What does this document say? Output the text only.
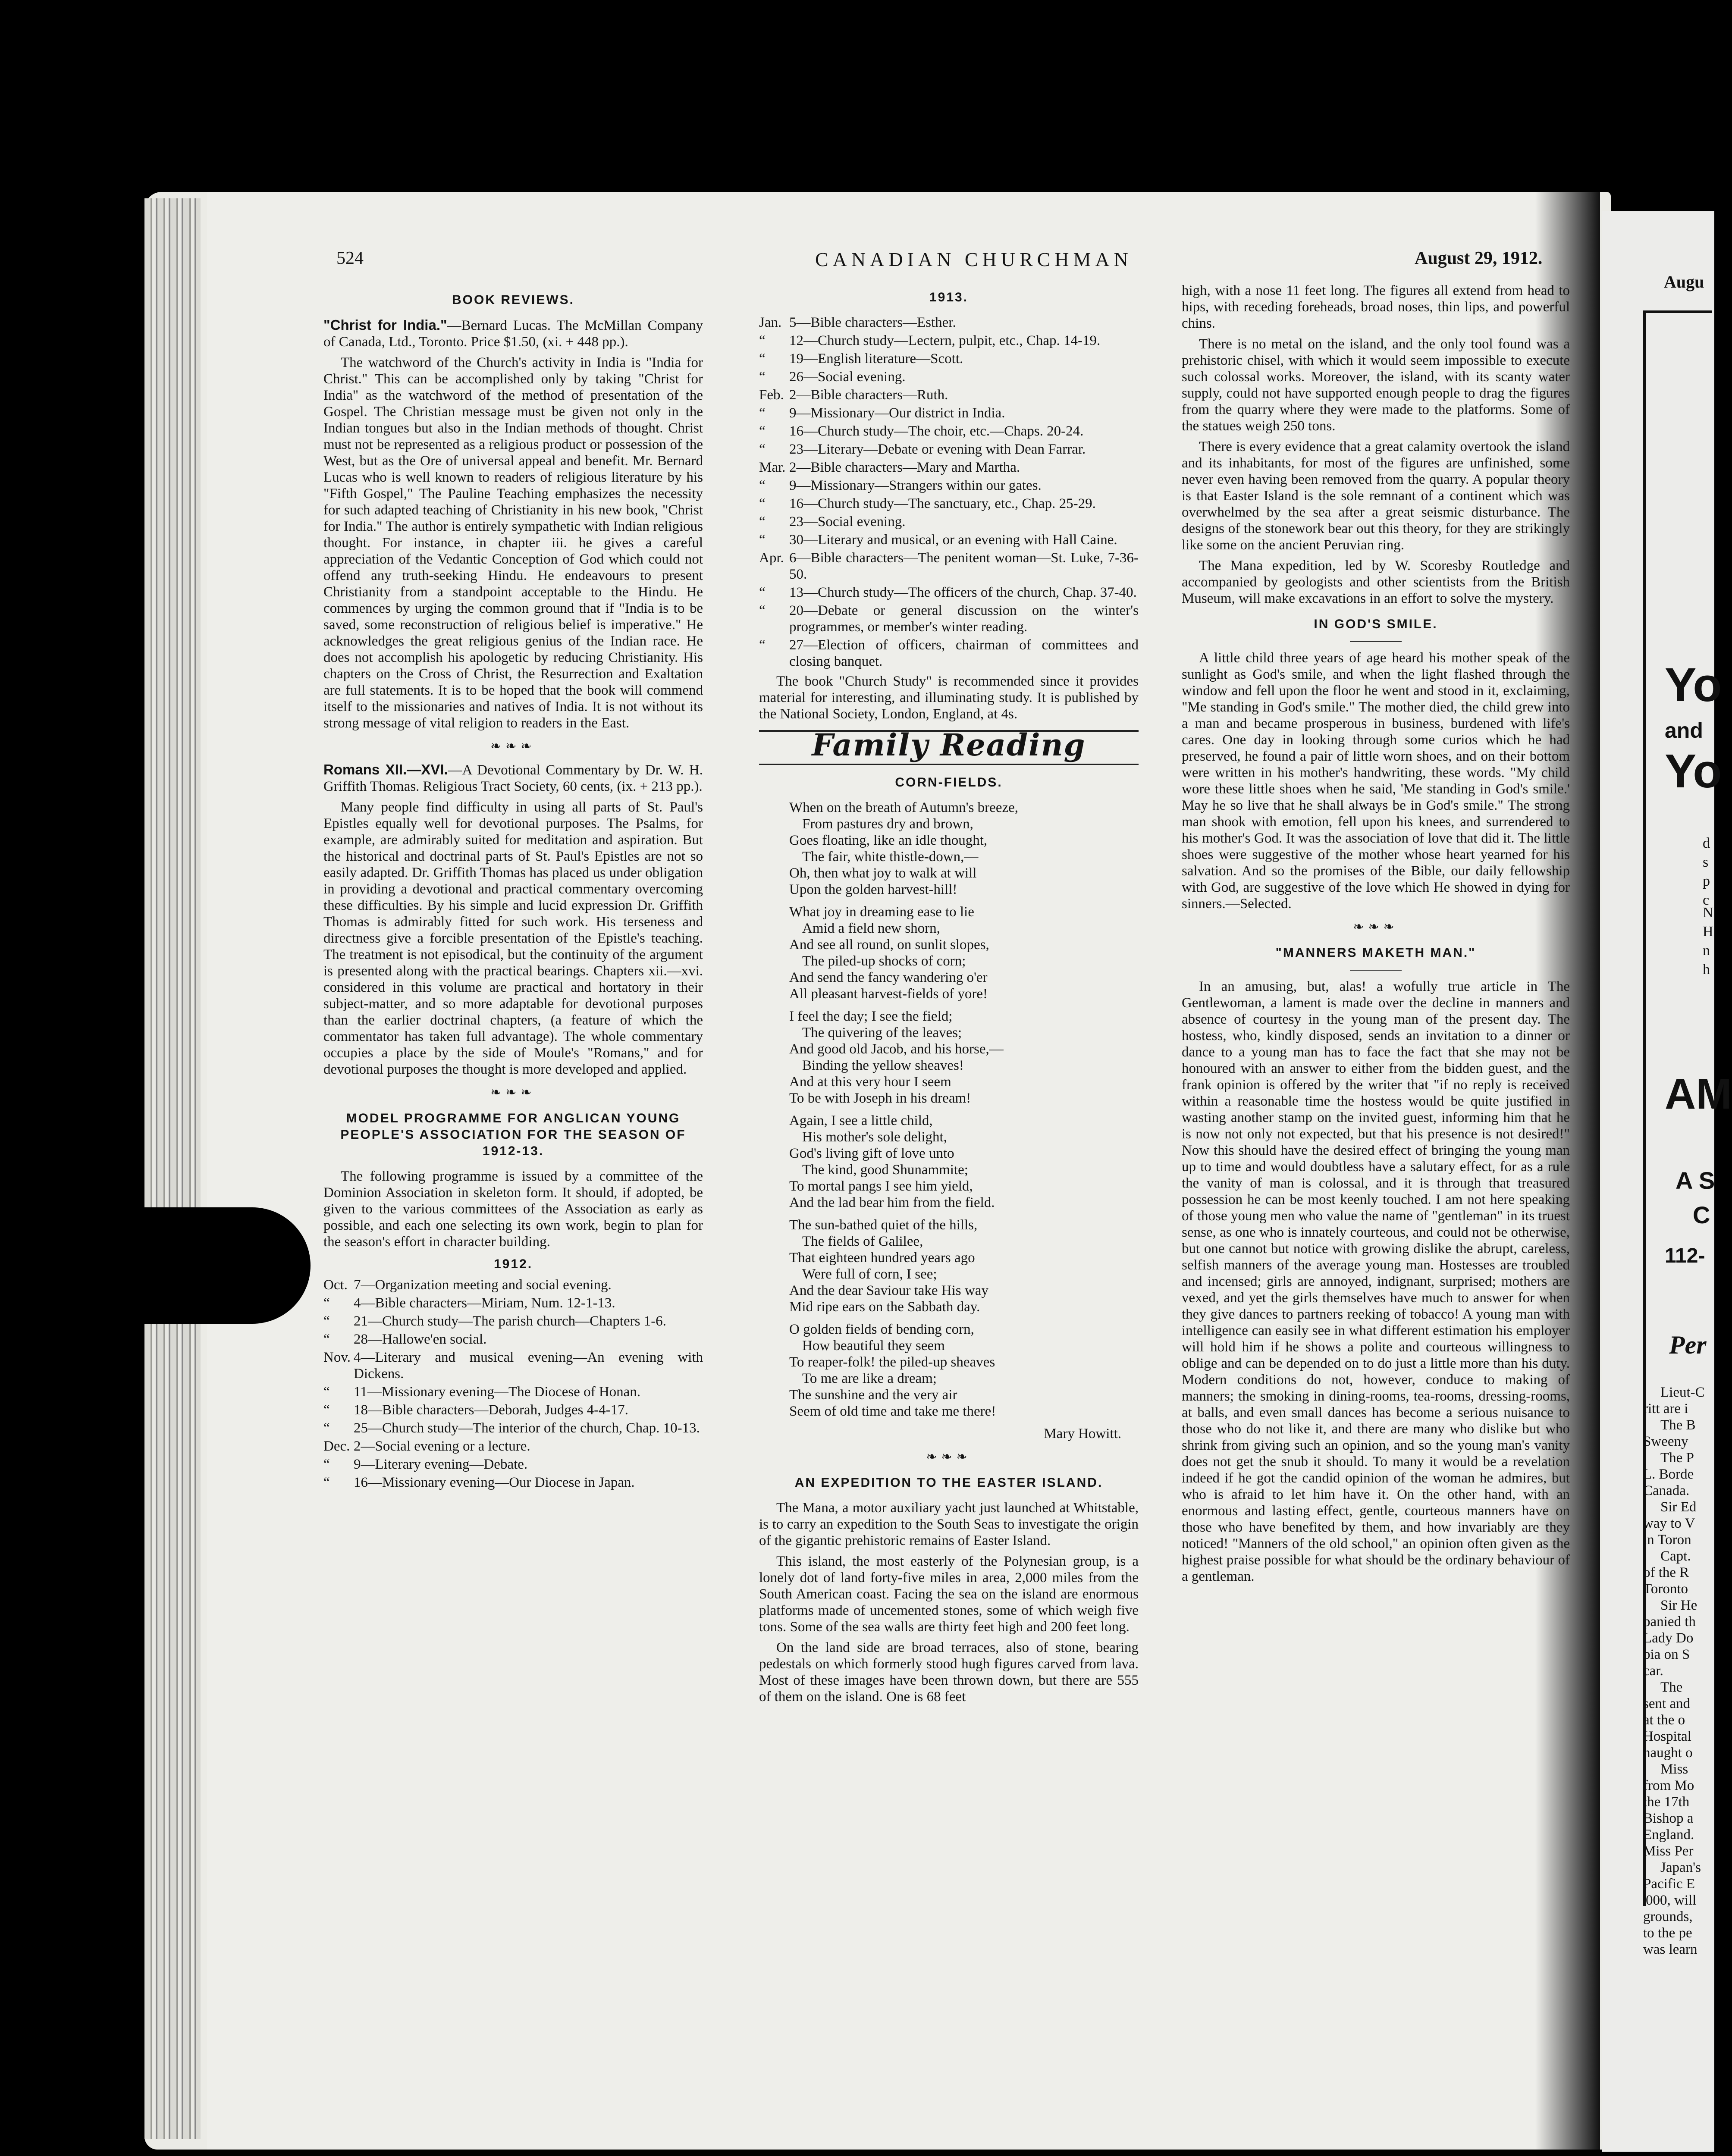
524	CANADIAN CHURCHMAN	August 29, 1912.
BOOK REVIEWS.

"Christ for India."—Bernard Lucas. The McMillan Company of Canada, Ltd., Toronto. Price $1.50, (xi. + 448 pp.).

The watchword of the Church's activity in India is "India for Christ." This can be accomplished only by taking "Christ for India" as the watchword of the method of presentation of the Gospel. The Christian message must be given not only in the Indian tongues but also in the Indian methods of thought. Christ must not be represented as a religious product or possession of the West, but as the Ore of universal appeal and benefit. Mr. Bernard Lucas who is well known to readers of religious literature by his "Fifth Gospel," The Pauline Teaching emphasizes the necessity for such adapted teaching of Christianity in his new book, "Christ for India." The author is entirely sympathetic with Indian religious thought. For instance, in chapter iii. he gives a careful appreciation of the Vedantic Conception of God which could not offend any truth-seeking Hindu. He endeavours to present Christianity from a standpoint acceptable to the Hindu. He commences by urging the common ground that if "India is to be saved, some reconstruction of religious belief is imperative." He acknowledges the great religious genius of the Indian race. He does not accomplish his apologetic by reducing Christianity. His chapters on the Cross of Christ, the Resurrection and Exaltation are full statements. It is to be hoped that the book will commend itself to the missionaries and natives of India. It is not without its strong message of vital religion to readers in the East.

❧❧❧

Romans XII.—XVI.—A Devotional Commentary by Dr. W. H. Griffith Thomas. Religious Tract Society, 60 cents, (ix. + 213 pp.).

Many people find difficulty in using all parts of St. Paul's Epistles equally well for devotional purposes. The Psalms, for example, are admirably suited for meditation and aspiration. But the historical and doctrinal parts of St. Paul's Epistles are not so easily adapted. Dr. Griffith Thomas has placed us under obligation in providing a devotional and practical commentary overcoming these difficulties. By his simple and lucid expression Dr. Griffith Thomas is admirably fitted for such work. His terseness and directness give a forcible presentation of the Epistle's teaching. The treatment is not episodical, but the continuity of the argument is presented along with the practical bearings. Chapters xii.—xvi. considered in this volume are practical and hortatory in their subject-matter, and so more adaptable for devotional purposes than the earlier doctrinal chapters, (a feature of which the commentator has taken full advantage). The whole commentary occupies a place by the side of Moule's "Romans," and for devotional purposes the thought is more developed and applied.

❧❧❧
MODEL PROGRAMME FOR ANGLICAN YOUNG PEOPLE'S ASSOCIATION FOR THE SEASON OF 1912-13.

The following programme is issued by a committee of the Dominion Association in skeleton form. It should, if adopted, be given to the various committees of the Association as early as possible, and each one selecting its own work, begin to plan for the season's effort in character building.

1912.
Oct. 7—Organization meeting and social evening.
“	4—Bible characters—Miriam, Num. 12-1-13.
“	21—Church study—The parish church—Chapters 1-6.
“	28—Hallowe'en social.
Nov. 4—Literary and musical evening—An evening with Dickens.
“	11—Missionary evening—The Diocese of Honan.
“	18—Bible characters—Deborah, Judges 4-4-17.
“	25—Church study—The interior of the church, Chap. 10-13.
Dec. 2—Social evening or a lecture.
“	9—Literary evening—Debate.
“	16—Missionary evening—Our Diocese in Japan.
1913.
Jan. 5—Bible characters—Esther.
“	12—Church study—Lectern, pulpit, etc., Chap. 14-19.
“	19—English literature—Scott.
“	26—Social evening.
Feb. 2—Bible characters—Ruth.
“	9—Missionary—Our district in India.
“	16—Church study—The choir, etc.—Chaps. 20-24.
“	23—Literary—Debate or evening with Dean Farrar.
Mar. 2—Bible characters—Mary and Martha.
“	9—Missionary—Strangers within our gates.
“	16—Church study—The sanctuary, etc., Chap. 25-29.
“	23—Social evening.
“	30—Literary and musical, or an evening with Hall Caine.
Apr. 6—Bible characters—The penitent woman—St. Luke, 7-36-50.
“	13—Church study—The officers of the church, Chap. 37-40.
“	20—Debate or general discussion on the winter's programmes, or member's winter reading.
“	27—Election of officers, chairman of committees and closing banquet.

The book "Church Study" is recommended since it provides material for interesting, and illuminating study. It is published by the National Society, London, England, at 4s.

Family Reading
CORN-FIELDS.
When on the breath of Autumn's breeze,
From pastures dry and brown,
Goes floating, like an idle thought,
The fair, white thistle-down,—
Oh, then what joy to walk at will
Upon the golden harvest-hill!
What joy in dreaming ease to lie
Amid a field new shorn,
And see all round, on sunlit slopes,
The piled-up shocks of corn;
And send the fancy wandering o'er
All pleasant harvest-fields of yore!
I feel the day; I see the field;
The quivering of the leaves;
And good old Jacob, and his horse,—
Binding the yellow sheaves!
And at this very hour I seem
To be with Joseph in his dream!
Again, I see a little child,
His mother's sole delight,
God's living gift of love unto
The kind, good Shunammite;
To mortal pangs I see him yield,
And the lad bear him from the field.
The sun-bathed quiet of the hills,
The fields of Galilee,
That eighteen hundred years ago
Were full of corn, I see;
And the dear Saviour take His way
Mid ripe ears on the Sabbath day.
O golden fields of bending corn,
How beautiful they seem
To reaper-folk! the piled-up sheaves
To me are like a dream;
The sunshine and the very air
Seem of old time and take me there!
Mary Howitt.
❧❧❧
AN EXPEDITION TO THE EASTER ISLAND.

The Mana, a motor auxiliary yacht just launched at Whitstable, is to carry an expedition to the South Seas to investigate the origin of the gigantic prehistoric remains of Easter Island.

This island, the most easterly of the Polynesian group, is a lonely dot of land forty-five miles in area, 2,000 miles from the South American coast. Facing the sea on the island are enormous platforms made of uncemented stones, some of which weigh five tons. Some of the sea walls are thirty feet high and 200 feet long.

On the land side are broad terraces, also of stone, bearing pedestals on which formerly stood hugh figures carved from lava. Most of these images have been thrown down, but there are 555 of them on the island. One is 68 feet

high, with a nose 11 feet long. The figures all extend from head to hips, with receding foreheads, broad noses, thin lips, and powerful chins.

There is no metal on the island, and the only tool found was a prehistoric chisel, with which it would seem impossible to execute such colossal works. Moreover, the island, with its scanty water supply, could not have supported enough people to drag the figures from the quarry where they were made to the platforms. Some of the statues weigh 250 tons.

There is every evidence that a great calamity overtook the island and its inhabitants, for most of the figures are unfinished, some never even having been removed from the quarry. A popular theory is that Easter Island is the sole remnant of a continent which was overwhelmed by the sea after a great seismic disturbance. The designs of the stonework bear out this theory, for they are strikingly like some on the ancient Peruvian ring.

The Mana expedition, led by W. Scoresby Routledge and accompanied by geologists and other scientists from the British Museum, will make excavations in an effort to solve the mystery.

IN GOD'S SMILE.

A little child three years of age heard his mother speak of the sunlight as God's smile, and when the light flashed through the window and fell upon the floor he went and stood in it, exclaiming, "Me standing in God's smile." The mother died, the child grew into a man and became prosperous in business, burdened with life's cares. One day in looking through some curios which he had preserved, he found a pair of little worn shoes, and on their bottom were written in his mother's handwriting, these words. "My child wore these little shoes when he said, 'Me standing in God's smile.' May he so live that he shall always be in God's smile." The strong man shook with emotion, fell upon his knees, and surrendered to his mother's God. It was the association of love that did it. The little shoes were suggestive of the mother whose heart yearned for his salvation. And so the promises of the Bible, our daily fellowship with God, are suggestive of the love which He showed in dying for sinners.—Selected.

❧❧❧
"MANNERS MAKETH MAN."

In an amusing, but, alas! a wofully true article in The Gentlewoman, a lament is made over the decline in manners and absence of courtesy in the young man of the present day. The hostess, who, kindly disposed, sends an invitation to a dinner or dance to a young man has to face the fact that she may not be honoured with an answer to either from the bidden guest, and the frank opinion is offered by the writer that "if no reply is received within a reasonable time the hostess would be quite justified in wasting another stamp on the invited guest, informing him that he is now not only not expected, but that his presence is not desired!" Now this should have the desired effect of bringing the young man up to time and would doubtless have a salutary effect, for as a rule the vanity of man is colossal, and it is through that treasured possession he can be most keenly touched. I am not here speaking of those young men who value the name of "gentleman" in its truest sense, as one who is innately courteous, and could not be otherwise, but one cannot but notice with growing dislike the abrupt, careless, selfish manners of the average young man. Hostesses are troubled and incensed; girls are annoyed, indignant, surprised; mothers are vexed, and yet the girls themselves have much to answer for when they give dances to partners reeking of tobacco! A young man with intelligence can easily see in what different estimation his employer will hold him if he shows a polite and courteous willingness to oblige and can be depended on to do just a little more than his duty. Modern conditions do not, however, conduce to making of manners; the smoking in dining-rooms, tea-rooms, dressing-rooms, at balls, and even small dances has become a serious nuisance to those who do not like it, and there are many who dislike but who shrink from giving such an opinion, and so the young man's vanity does not get the snub it should. To many it would be a revelation indeed if he got the candid opinion of the woman he admires, but who is afraid to let him have it. On the other hand, with an enormous and lasting effect, gentle, courteous manners have on those who have benefited by them, and how invariably are they noticed! "Manners of the old school," an opinion often given as the highest praise possible for what should be the ordinary behaviour of a gentleman.

Augu
Yo
and
Yo

d
s
p
c

N
H
n
h
AM
A S
C
112-
Per
Lieut-C
ritt are i
The B
Sweeny
The P
L. Borde
Canada.
Sir Ed
way to V
in Toron
Capt.
of the R
Toronto
Sir He
panied th
Lady Do
bia on S
car.
The
sent and
at the o
Hospital
naught o
Miss
from Mo
the 17th
Bishop a
England.
Miss Per
Japan's
Pacific E
'000, will
grounds,
to the pe
was learn
